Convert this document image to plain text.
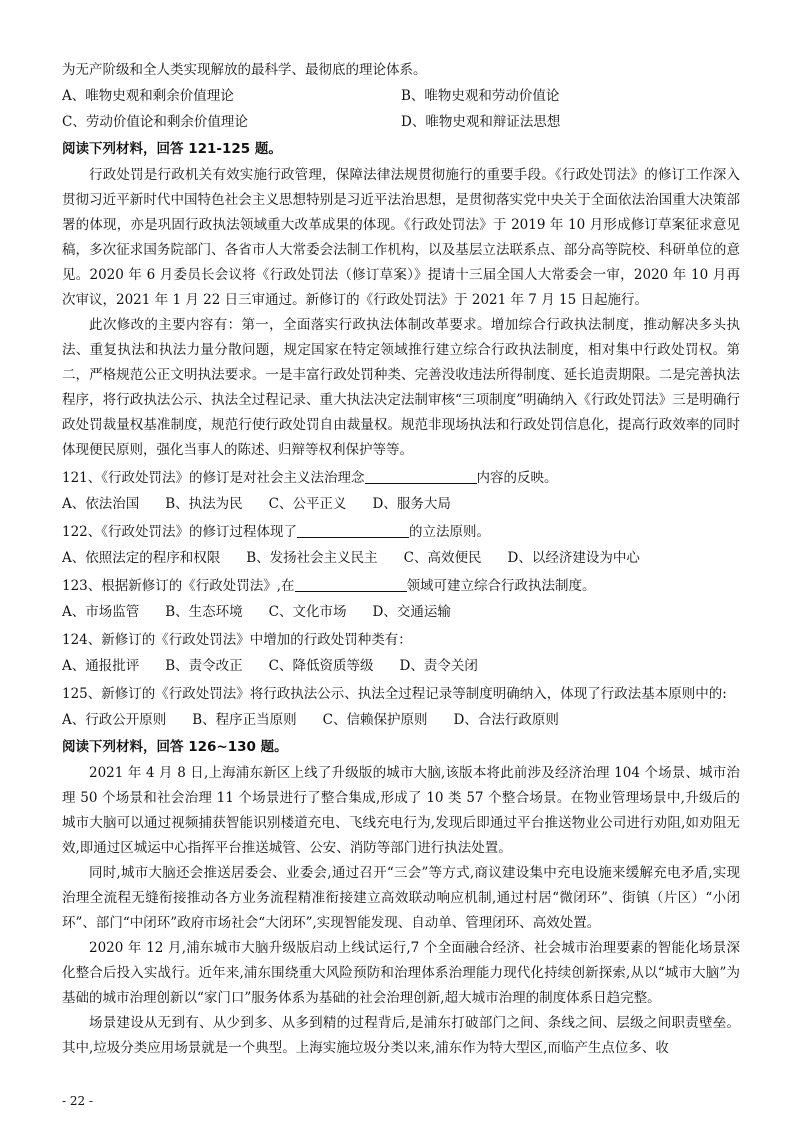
为无产阶级和全人类实现解放的最科学、最彻底的理论体系。

A、唯物史观和剩余价值理论	B、唯物史观和劳动价值论
C、劳动价值论和剩余价值理论	D、唯物史观和辩证法思想
阅读下列材料，回答 121-125 题。

行政处罚是行政机关有效实施行政管理，保障法律法规贯彻施行的重要手段。《行政处罚法》的修订工作深入贯彻习近平新时代中国特色社会主义思想特别是习近平法治思想，是贯彻落实党中央关于全面依法治国重大决策部署的体现，亦是巩固行政执法领域重大改革成果的体现。《行政处罚法》于 2019 年 10 月形成修订草案征求意见稿，多次征求国务院部门、各省市人大常委会法制工作机构，以及基层立法联系点、部分高等院校、科研单位的意见。2020 年 6 月委员长会议将《行政处罚法（修订草案）》提请十三届全国人大常委会一审，2020 年 10 月再次审议，2021 年 1 月 22 日三审通过。新修订的《行政处罚法》于 2021 年 7 月 15 日起施行。

此次修改的主要内容有：第一，全面落实行政执法体制改革要求。增加综合行政执法制度，推动解决多头执法、重复执法和执法力量分散问题，规定国家在特定领域推行建立综合行政执法制度，相对集中行政处罚权。第二，严格规范公正文明执法要求。一是丰富行政处罚种类、完善没收违法所得制度、延长追责期限。二是完善执法程序，将行政执法公示、执法全过程记录、重大执法决定法制审核“三项制度”明确纳入《行政处罚法》三是明确行政处罚裁量权基准制度，规范行使行政处罚自由裁量权。规范非现场执法和行政处罚信息化，提高行政效率的同时体现便民原则，强化当事人的陈述、归辩等权利保护等等。

121、《行政处罚法》的修订是对社会主义法治理念	内容的反映。

A、依法治国 B、执法为民 C、公平正义 D、服务大局

122、《行政处罚法》的修订过程体现了	的立法原则。

A、依照法定的程序和权限 B、发扬社会主义民主 C、高效便民 D、以经济建设为中心

123、根据新修订的《行政处罚法》,在	领域可建立综合行政执法制度。

A、市场监管 B、生态环境 C、文化市场 D、交通运输

124、新修订的《行政处罚法》中增加的行政处罚种类有：

A、通报批评 B、责令改正 C、降低资质等级 D、责令关闭

125、新修订的《行政处罚法》将行政执法公示、执法全过程记录等制度明确纳入，体现了行政法基本原则中的:

A、行政公开原则 B、程序正当原则 C、信赖保护原则 D、合法行政原则
阅读下列材料，回答 126~130 题。

2021 年 4 月 8 日,上海浦东新区上线了升级版的城市大脑,该版本将此前涉及经济治理 104 个场景、城市治理 50 个场景和社会治理 11 个场景进行了整合集成,形成了 10 类 57 个整合场景。在物业管理场景中,升级后的城市大脑可以通过视频捕获智能识别楼道充电、飞线充电行为,发现后即通过平台推送物业公司进行劝阻,如劝阻无效,即通过区城运中心指挥平台推送城管、公安、消防等部门进行执法处置。

同时,城市大脑还会推送居委会、业委会,通过召开“三会”等方式,商议建设集中充电设施来缓解充电矛盾,实现治理全流程无缝衔接推动各方业务流程精准衔接建立高效联动响应机制,通过村居“微闭环”、街镇（片区）“小闭环”、部门“中闭环”政府市场社会“大闭环”,实现智能发现、自动单、管理闭环、高效处置。

2020 年 12 月,浦东城市大脑升级版启动上线试运行,7 个全面融合经济、社会城市治理要素的智能化场景深化整合后投入实战行。近年来,浦东围绕重大风险预防和治理体系治理能力现代化持续创新探索,从以“城市大脑”为基础的城市治理创新以“家门口”服务体系为基础的社会治理创新,超大城市治理的制度体系日趋完整。

场景建设从无到有、从少到多、从多到精的过程背后,是浦东打破部门之间、条线之间、层级之间职责壁垒。其中,垃圾分类应用场景就是一个典型。上海实施垃圾分类以来,浦东作为特大型区,而临产生点位多、收

- 22 -
